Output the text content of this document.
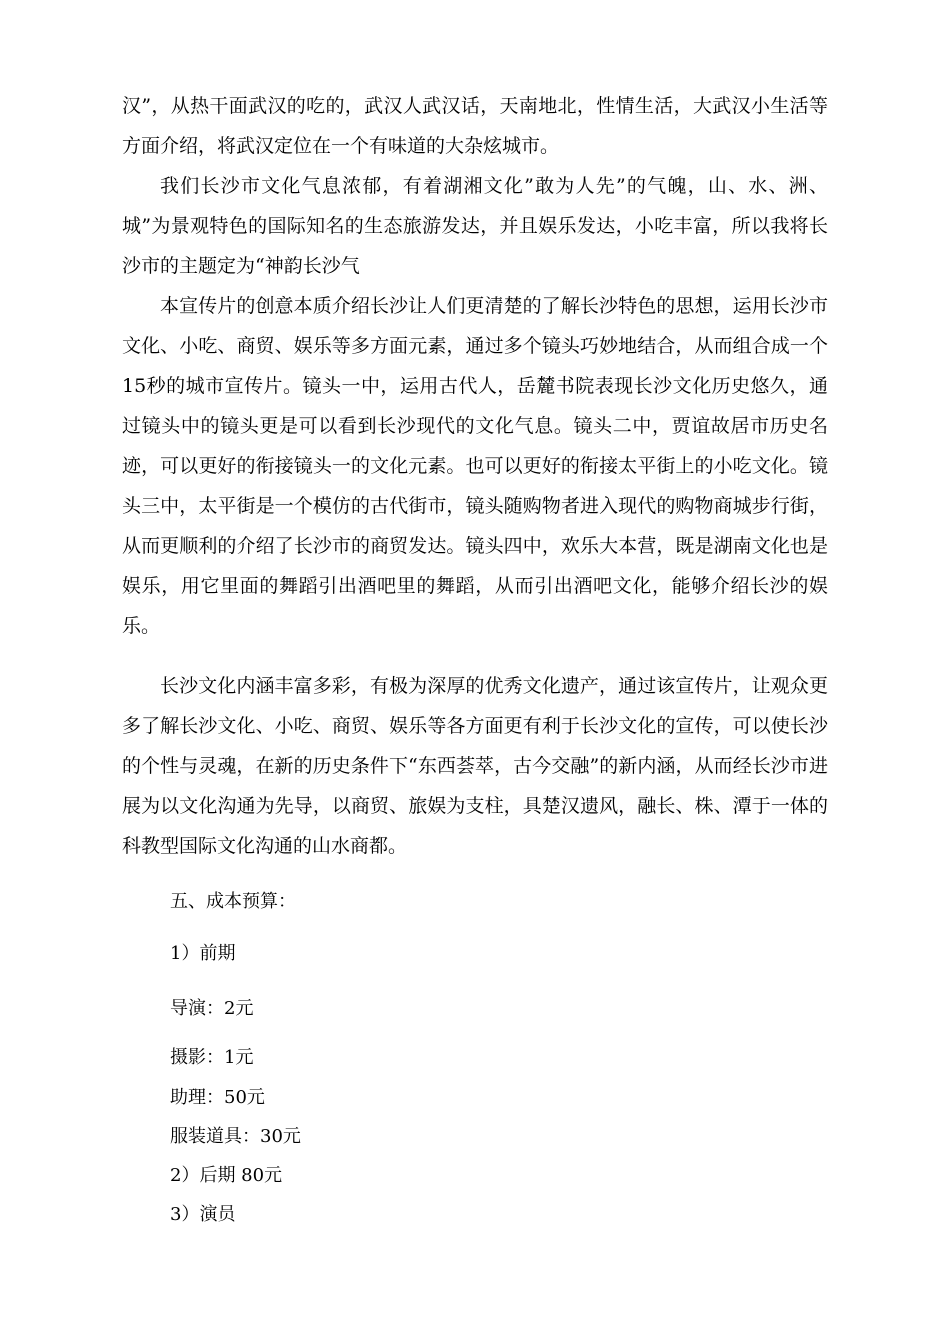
汉”，从热干面武汉的吃的，武汉人武汉话，天南地北，性情生活，大武汉小生活等方面介绍，将武汉定位在一个有味道的大杂炫城市。

我们长沙市文化气息浓郁，有着湖湘文化”敢为人先”的气魄，山、水、洲、城”为景观特色的国际知名的生态旅游发达，并且娱乐发达，小吃丰富，所以我将长沙市的主题定为“神韵长沙气

本宣传片的创意本质介绍长沙让人们更清楚的了解长沙特色的思想，运用长沙市文化、小吃、商贸、娱乐等多方面元素，通过多个镜头巧妙地结合，从而组合成一个15秒的城市宣传片。镜头一中，运用古代人，岳麓书院表现长沙文化历史悠久，通过镜头中的镜头更是可以看到长沙现代的文化气息。镜头二中，贾谊故居市历史名迹，可以更好的衔接镜头一的文化元素。也可以更好的衔接太平街上的小吃文化。镜头三中，太平街是一个模仿的古代街市，镜头随购物者进入现代的购物商城步行街，从而更顺利的介绍了长沙市的商贸发达。镜头四中，欢乐大本营，既是湖南文化也是娱乐，用它里面的舞蹈引出酒吧里的舞蹈，从而引出酒吧文化，能够介绍长沙的娱乐。

长沙文化内涵丰富多彩，有极为深厚的优秀文化遗产，通过该宣传片，让观众更多了解长沙文化、小吃、商贸、娱乐等各方面更有利于长沙文化的宣传，可以使长沙的个性与灵魂，在新的历史条件下“东西荟萃，古今交融”的新内涵，从而经长沙市进展为以文化沟通为先导，以商贸、旅娱为支柱，具楚汉遗风，融长、株、潭于一体的科教型国际文化沟通的山水商都。

五、成本预算：

1）前期

导演：2元

摄影：1元

助理：50元

服装道具：30元

2）后期 80元

3）演员
